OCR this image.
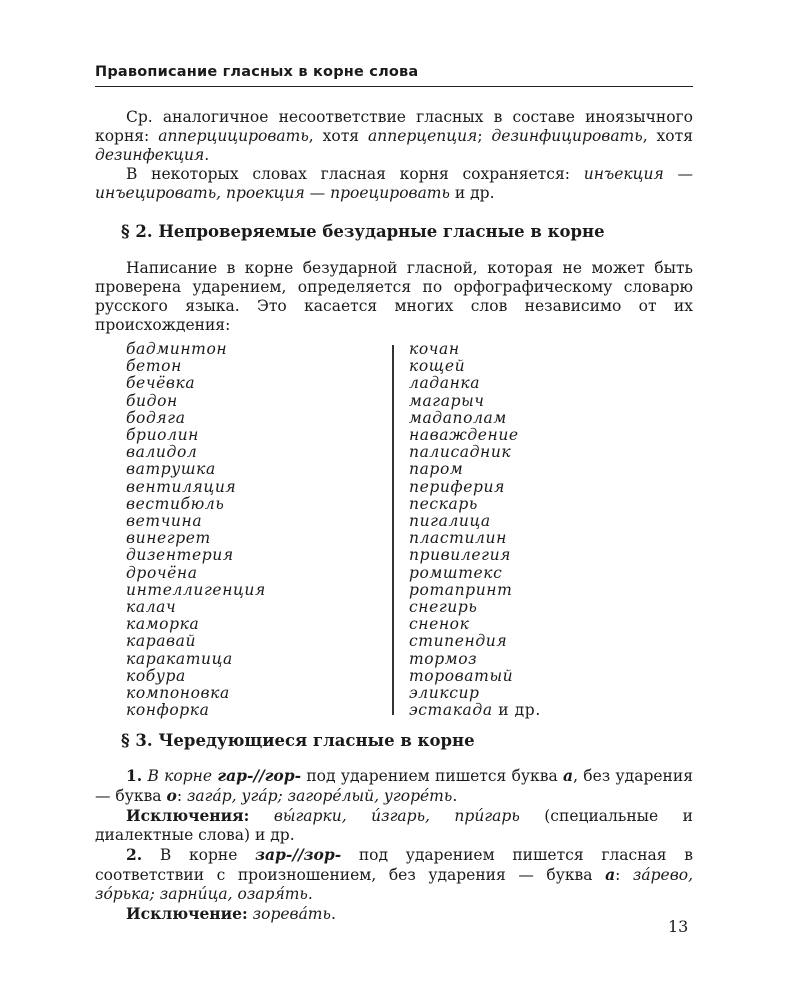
Правописание гласных в корне слова

Ср. аналогичное несоответствие гласных в составе иноязычного корня: апперцицировать, хотя апперцепция; дезинфицировать, хотя дезинфекция.

В некоторых словах гласная корня сохраняется: инъекция — инъецировать, проекция — проецировать и др.

§ 2. Непроверяемые безударные гласные в корне

Написание в корне безударной гласной, которая не может быть проверена ударением, определяется по орфографическому словарю русского языка. Это касается многих слов независимо от их происхождения:

бадминтон
бетон
бечёвка
бидон
бодяга
бриолин
валидол
ватрушка
вентиляция
вестибюль
ветчина
винегрет
дизентерия
дрочёна
интеллигенция
калач
каморка
каравай
каракатица
кобура
компоновка
конфорка
кочан
кощей
ладанка
магарыч
мадаполам
наваждение
палисадник
паром
периферия
пескарь
пигалица
пластилин
привилегия
ромштекс
ротапринт
снегирь
сненок
стипендия
тормоз
тороватый
эликсир
эстакада и др.

§ 3. Чередующиеся гласные в корне

1. В корне гар-//гор- под ударением пишется буква а, без ударения — буква о: загáр, угáр; загорéлый, угорéть.

Исключения: вы́гарки, и́згарь, при́гарь (специальные и диалектные слова) и др.

2. В корне зар-//зор- под ударением пишется гласная в соответствии с произношением, без ударения — буква а: зáрево, зóрька; зарни́ца, озаря́ть.

Исключение: зоревáть.

13
